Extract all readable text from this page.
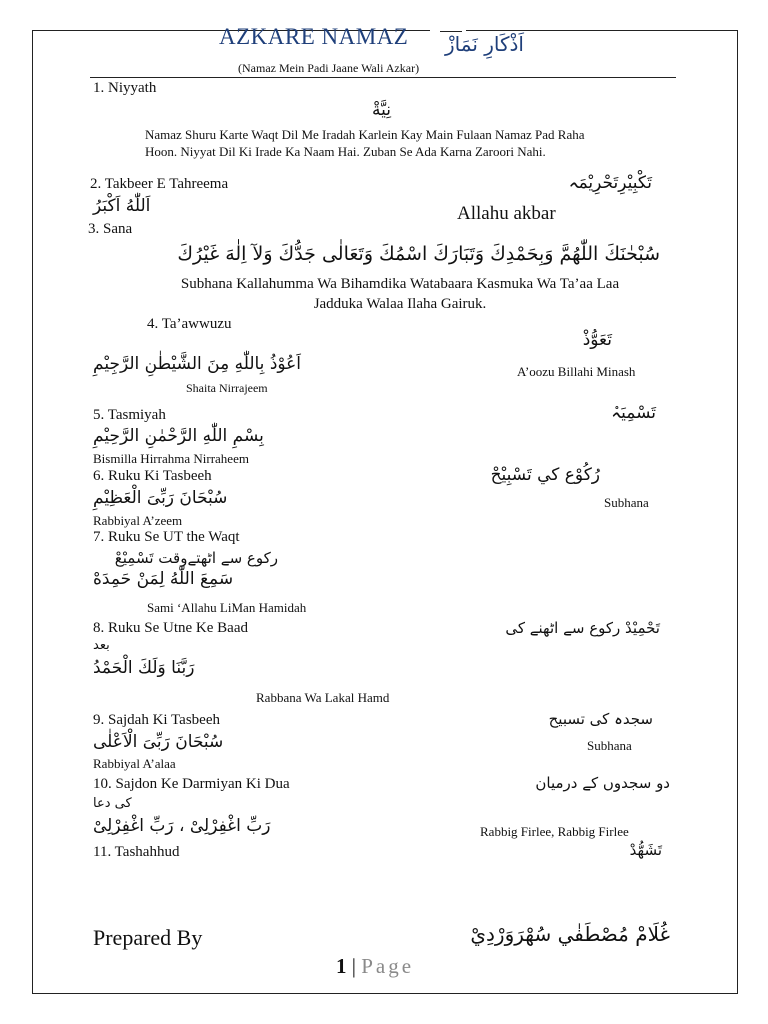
AZKARE NAMAZ اَذْكَارِ نَمَازْ
(Namaz Mein Padi Jaane Wali Azkar)
1. Niyyath
نِيَّةْ
Namaz Shuru Karte Waqt Dil Me Iradah Karlein Kay Main Fulaan Namaz Pad Raha
Hoon. Niyyat Dil Ki Irade Ka Naam Hai. Zuban Se Ada Karna Zaroori Nahi.
2. Takbeer E Tahreema	تَكْبِيْرِتَحْرِيْمَہ
اَللّٰهُ اَكْبَرُ	Allahu akbar
3. Sana
سُبْحٰنَكَ اللّٰهُمَّ وَبِحَمْدِكَ وَتَبَارَكَ اسْمُكَ وَتَعَالٰى جَدُّكَ وَلآ اِلٰهَ غَيْرُكَ
Subhana Kallahumma Wa Bihamdika Watabaara Kasmuka Wa Ta’aa Laa
Jadduka Walaa Ilaha Gairuk.
4. Ta’awwuzu
تَعَوُّذْ
اَعُوْذُ بِاللّٰهِ مِنَ الشَّيْطٰنِ الرَّجِيْمِ	A’oozu Billahi Minash
Shaita Nirrajeem
5. Tasmiyah	تَسْمِيَہْ
بِسْمِ اللّٰهِ الرَّحْمٰنِ الرَّحِيْمِ
Bismilla Hirrahma Nirraheem
6. Ruku Ki Tasbeeh	رُكُوْع كي تَسْبِيْحْ
سُبْحَانَ رَبِّىَ الْعَظِيْمِ	Subhana
Rabbiyal A’zeem
7. Ruku Se UT the Waqt
رکوع سے اٹھتےوقت تَسْمِيْعْ
سَمِعَ اللّٰهُ لِمَنْ حَمِدَهْ
Sami ‘Allahu LiMan Hamidah
8. Ruku Se Utne Ke Baad	تَحْمِيْدْ رکوع سے اٹھنے کی
بعد
رَبَّنَا وَلَكَ الْحَمْدُ
Rabbana Wa Lakal Hamd
9. Sajdah Ki Tasbeeh	سجدہ کی تسبیح
سُبْحَانَ رَبِّىَ الْاَعْلٰى	Subhana
Rabbiyal A’alaa
10. Sajdon Ke Darmiyan Ki Dua	دو سجدوں کے درمیان
کی دعا
رَبِّ اغْفِرْلِىْ ، رَبِّ اغْفِرْلِىْ	Rabbig Firlee, Rabbig Firlee
11. Tashahhud	تَشَهُّدْ
Prepared By	غُلَامْ مُصْطَفٰي سُهْرَوَرْدِيْ
1 | Page
